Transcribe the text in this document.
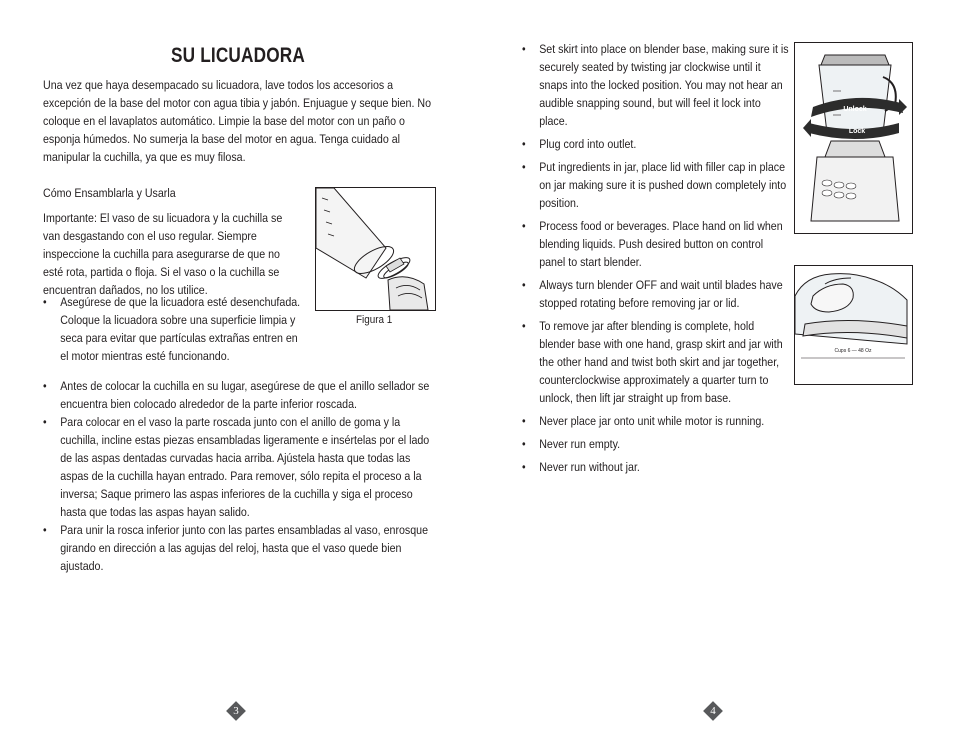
SU LICUADORA

Una vez que haya desempacado su licuadora, lave todos los accesorios a excepción de la base del motor con agua tibia y jabón. Enjuague y seque bien. No coloque en el lavaplatos automático. Limpie la base del motor con un paño o esponja húmedos. No sumerja la base del motor en agua. Tenga cuidado al manipular la cuchilla, ya que es muy filosa.

Cómo Ensamblarla y Usarla

Importante: El vaso de su licuadora y la cuchilla se van desgastando con el uso regular. Siempre inspeccione la cuchilla para asegurarse de que no esté rota, partida o floja. Si el vaso o la cuchilla se encuentran dañados, no los utilice.

• Asegúrese de que la licuadora esté desenchufada. Coloque la licuadora sobre una superficie limpia y seca para evitar que partículas extrañas entren en el motor mientras esté funcionando.
• Antes de colocar la cuchilla en su lugar, asegúrese de que el anillo sellador se encuentra bien colocado alrededor de la parte inferior roscada.
• Para colocar en el vaso la parte roscada junto con el anillo de goma y la cuchilla, incline estas piezas ensambladas ligeramente e insértelas por el lado de las aspas dentadas curvadas hacia arriba. Ajústela hasta que todas las aspas de la cuchilla hayan entrado. Para remover, sólo repita el proceso a la inversa; Saque primero las aspas inferiores de la cuchilla y siga el proceso hasta que todas las aspas hayan salido.
• Para unir la rosca inferior junto con las partes ensambladas al vaso, enrosque girando en dirección a las agujas del reloj, hasta que el vaso quede bien ajustado.
Figura 1
• Set skirt into place on blender base, making sure it is securely seated by twisting jar clockwise until it snaps into the locked position. You may not hear an audible snapping sound, but will feel it lock into place.
• Plug cord into outlet.
• Put ingredients in jar, place lid with filler cap in place on jar making sure it is pushed down completely into position.
• Process food or beverages. Place hand on lid when blending liquids. Push desired button on control panel to start blender.
• Always turn blender OFF and wait until blades have stopped rotating before removing jar or lid.
• To remove jar after blending is complete, hold blender base with one hand, grasp skirt and jar with the other hand and twist both skirt and jar together, counterclockwise approximately a quarter turn to unlock, then lift jar straight up from base.
• Never place jar onto unit while motor is running.
• Never run empty.
• Never run without jar.
Unlock
Lock
Cups 6 — 48 Oz
3	4
